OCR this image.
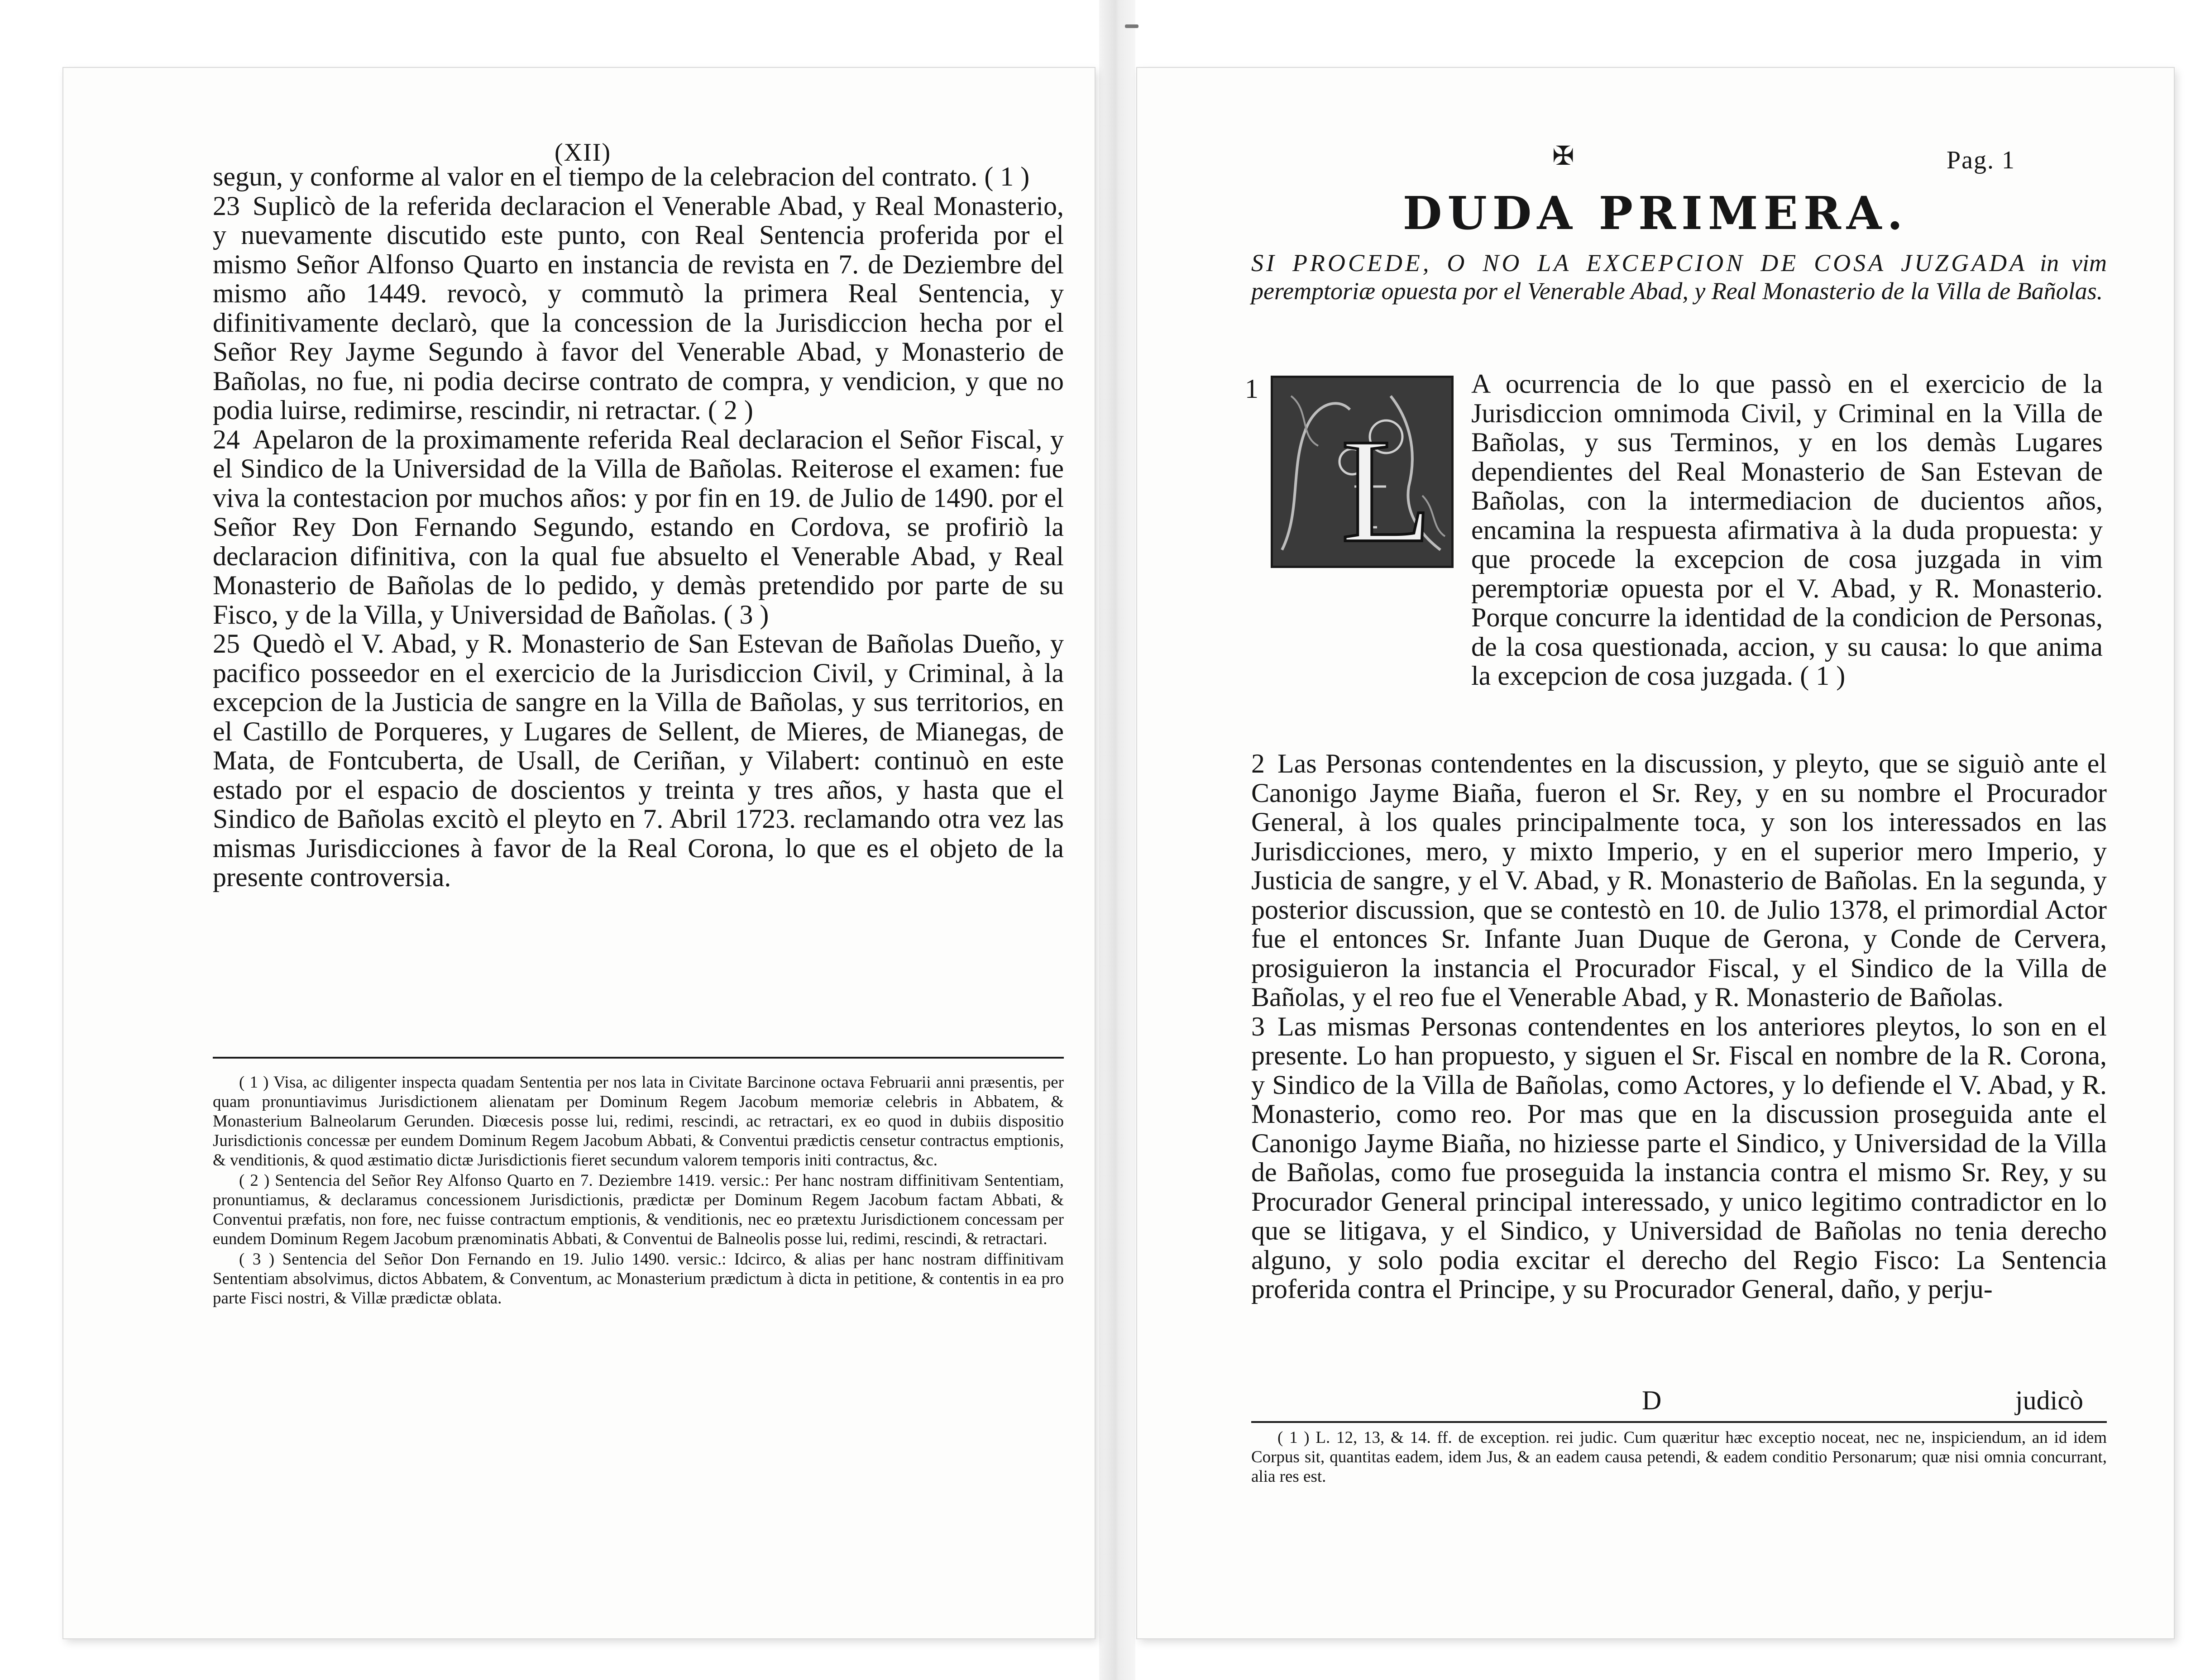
(XII)

segun, y conforme al valor en el tiempo de la celebracion del contrato. ( 1 )

23 Suplicò de la referida declaracion el Venerable Abad, y Real Monasterio, y nuevamente discutido este punto, con Real Sentencia proferida por el mismo Señor Alfonso Quarto en instancia de revista en 7. de Deziembre del mismo año 1449. revocò, y commutò la primera Real Sentencia, y difinitivamente declarò, que la concession de la Jurisdiccion hecha por el Señor Rey Jayme Segundo à favor del Venerable Abad, y Monasterio de Bañolas, no fue, ni podia decirse contrato de compra, y vendicion, y que no podia luirse, redimirse, rescindir, ni retractar. ( 2 )

24 Apelaron de la proximamente referida Real declaracion el Señor Fiscal, y el Sindico de la Universidad de la Villa de Bañolas. Reiterose el examen: fue viva la contestacion por muchos años: y por fin en 19. de Julio de 1490. por el Señor Rey Don Fernando Segundo, estando en Cordova, se profiriò la declaracion difinitiva, con la qual fue absuelto el Venerable Abad, y Real Monasterio de Bañolas de lo pedido, y demàs pretendido por parte de su Fisco, y de la Villa, y Universidad de Bañolas. ( 3 )

25 Quedò el V. Abad, y R. Monasterio de San Estevan de Bañolas Dueño, y pacifico posseedor en el exercicio de la Jurisdiccion Civil, y Criminal, à la excepcion de la Justicia de sangre en la Villa de Bañolas, y sus territorios, en el Castillo de Porqueres, y Lugares de Sellent, de Mieres, de Mianegas, de Mata, de Fontcuberta, de Usall, de Ceriñan, y Vilabert: continuò en este estado por el espacio de doscientos y treinta y tres años, y hasta que el Sindico de Bañolas excitò el pleyto en 7. Abril 1723. reclamando otra vez las mismas Jurisdicciones à favor de la Real Corona, lo que es el objeto de la presente controversia.

( 1 ) Visa, ac diligenter inspecta quadam Sententia per nos lata in Civitate Barcinone octava Februarii anni præsentis, per quam pronuntiavimus Jurisdictionem alienatam per Dominum Regem Jacobum memoriæ celebris in Abbatem, & Monasterium Balneolarum Gerunden. Diœcesis posse lui, redimi, rescindi, ac retractari, ex eo quod in dubiis dispositio Jurisdictionis concessæ per eundem Dominum Regem Jacobum Abbati, & Conventui prædictis censetur contractus emptionis, & venditionis, & quod æstimatio dictæ Jurisdictionis fieret secundum valorem temporis initi contractus, &c.

( 2 ) Sentencia del Señor Rey Alfonso Quarto en 7. Deziembre 1419. versic.: Per hanc nostram diffinitivam Sententiam, pronuntiamus, & declaramus concessionem Jurisdictionis, prædictæ per Dominum Regem Jacobum factam Abbati, & Conventui præfatis, non fore, nec fuisse contractum emptionis, & venditionis, nec eo prætextu Jurisdictionem concessam per eundem Dominum Regem Jacobum prænominatis Abbati, & Conventui de Balneolis posse lui, redimi, rescindi, & retractari.

( 3 ) Sentencia del Señor Don Fernando en 19. Julio 1490. versic.: Idcirco, & alias per hanc nostram diffinitivam Sententiam absolvimus, dictos Abbatem, & Conventum, ac Monasterium prædictum à dicta in petitione, & contentis in ea pro parte Fisci nostri, & Villæ prædictæ oblata.

✠	Pag. 1
DUDA PRIMERA.
SI PROCEDE, O NO LA EXCEPCION DE COSA JUZGADA in vim peremptoriæ opuesta por el Venerable Abad, y Real Monasterio de la Villa de Bañolas.
1
L

A ocurrencia de lo que passò en el exercicio de la Jurisdiccion omnimoda Civil, y Criminal en la Villa de Bañolas, y sus Terminos, y en los demàs Lugares dependientes del Real Monasterio de San Estevan de Bañolas, con la intermediacion de ducientos años, encamina la respuesta afirmativa à la duda propuesta: y que procede la excepcion de cosa juzgada in vim peremptoriæ opuesta por el V. Abad, y R. Monasterio. Porque concurre la identidad de la condicion de Personas, de la cosa questionada, accion, y su causa: lo que anima la excepcion de cosa juzgada. ( 1 )

2 Las Personas contendentes en la discussion, y pleyto, que se siguiò ante el Canonigo Jayme Biaña, fueron el Sr. Rey, y en su nombre el Procurador General, à los quales principalmente toca, y son los interessados en las Jurisdicciones, mero, y mixto Imperio, y en el superior mero Imperio, y Justicia de sangre, y el V. Abad, y R. Monasterio de Bañolas. En la segunda, y posterior discussion, que se contestò en 10. de Julio 1378, el primordial Actor fue el entonces Sr. Infante Juan Duque de Gerona, y Conde de Cervera, prosiguieron la instancia el Procurador Fiscal, y el Sindico de la Villa de Bañolas, y el reo fue el Venerable Abad, y R. Monasterio de Bañolas.

3 Las mismas Personas contendentes en los anteriores pleytos, lo son en el presente. Lo han propuesto, y siguen el Sr. Fiscal en nombre de la R. Corona, y Sindico de la Villa de Bañolas, como Actores, y lo defiende el V. Abad, y R. Monasterio, como reo. Por mas que en la discussion proseguida ante el Canonigo Jayme Biaña, no hiziesse parte el Sindico, y Universidad de la Villa de Bañolas, como fue proseguida la instancia contra el mismo Sr. Rey, y su Procurador General principal interessado, y unico legitimo contradictor en lo que se litigava, y el Sindico, y Universidad de Bañolas no tenia derecho alguno, y solo podia excitar el derecho del Regio Fisco: La Sentencia proferida contra el Principe, y su Procurador General, daño, y perju-

D	judicò

( 1 ) L. 12, 13, & 14. ff. de exception. rei judic. Cum quæritur hæc exceptio noceat, nec ne, inspiciendum, an id idem Corpus sit, quantitas eadem, idem Jus, & an eadem causa petendi, & eadem conditio Personarum; quæ nisi omnia concurrant, alia res est.
